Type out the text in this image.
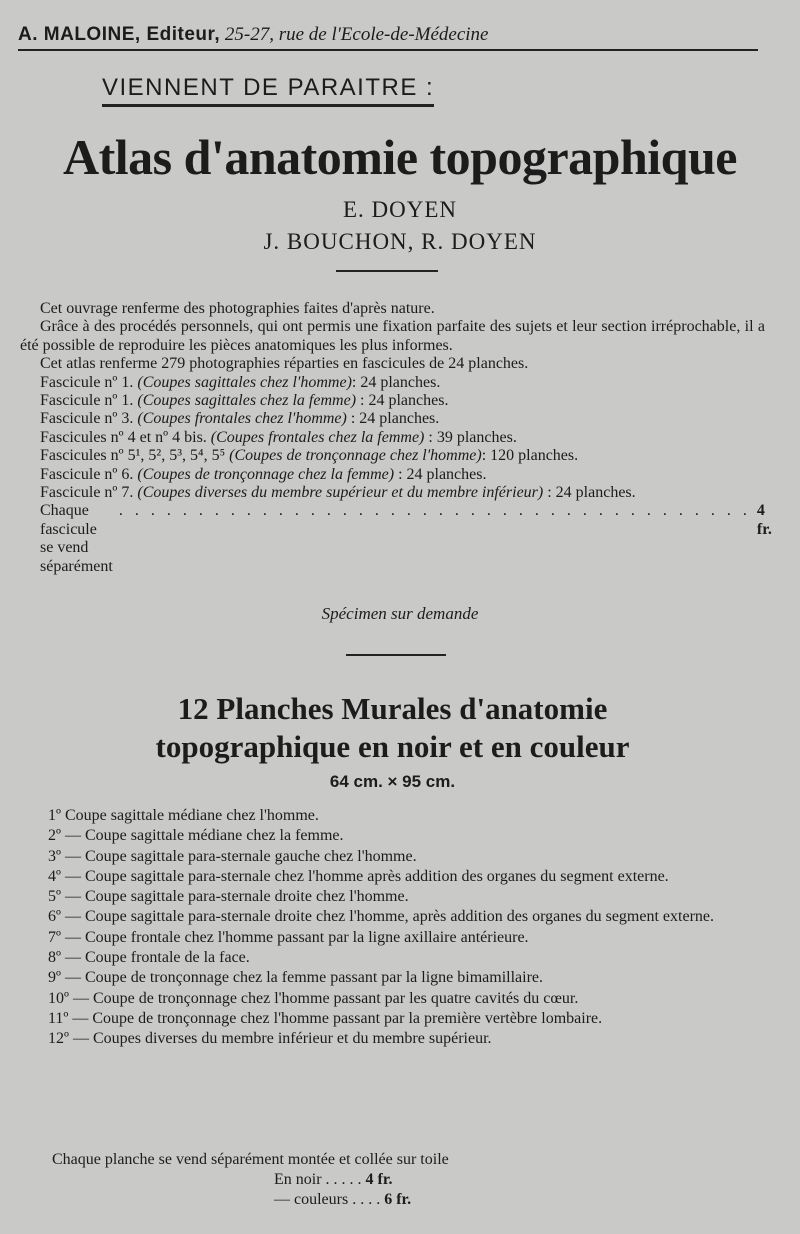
A. MALOINE, Editeur, 25-27, rue de l'Ecole-de-Médecine
VIENNENT DE PARAITRE :
Atlas d'anatomie topographique
E. DOYEN
J. BOUCHON, R. DOYEN

Cet ouvrage renferme des photographies faites d'après nature.

Grâce à des procédés personnels, qui ont permis une fixation parfaite des sujets et leur section irréprochable, il a été possible de reproduire les pièces anatomiques les plus informes.

Cet atlas renferme 279 photographies réparties en fascicules de 24 planches.

Fascicule nº 1. (Coupes sagittales chez l'homme): 24 planches.

Fascicule nº 1. (Coupes sagittales chez la femme) : 24 planches.

Fascicule nº 3. (Coupes frontales chez l'homme) : 24 planches.

Fascicules nº 4 et nº 4 bis. (Coupes frontales chez la femme) : 39 planches.

Fascicules nº 5¹, 5², 5³, 5⁴, 5⁵ (Coupes de tronçonnage chez l'homme): 120 planches.

Fascicule nº 6. (Coupes de tronçonnage chez la femme) : 24 planches.

Fascicule nº 7. (Coupes diverses du membre supérieur et du membre inférieur) : 24 planches.

Chaque fascicule se vend séparément
. . . . . . . . . . . . . . . . . . . . . . . . . . . . . . . . . . . . . . . . 4 fr.
Spécimen sur demande
12 Planches Murales d'anatomie
topographique en noir et en couleur
64 cm. × 95 cm.

1º Coupe sagittale médiane chez l'homme.

2º — Coupe sagittale médiane chez la femme.

3º — Coupe sagittale para-sternale gauche chez l'homme.

4º — Coupe sagittale para-sternale chez l'homme après addition des organes du segment externe.

5º — Coupe sagittale para-sternale droite chez l'homme.

6º — Coupe sagittale para-sternale droite chez l'homme, après addition des organes du segment externe.

7º — Coupe frontale chez l'homme passant par la ligne axillaire antérieure.

8º — Coupe frontale de la face.

9º — Coupe de tronçonnage chez la femme passant par la ligne bimamillaire.

10º — Coupe de tronçonnage chez l'homme passant par les quatre cavités du cœur.

11º — Coupe de tronçonnage chez l'homme passant par la première vertèbre lombaire.

12º — Coupes diverses du membre inférieur et du membre supérieur.

Chaque planche se vend séparément montée et collée sur toile
En noir . . . . . 4 fr.
— couleurs . . . . 6 fr.
